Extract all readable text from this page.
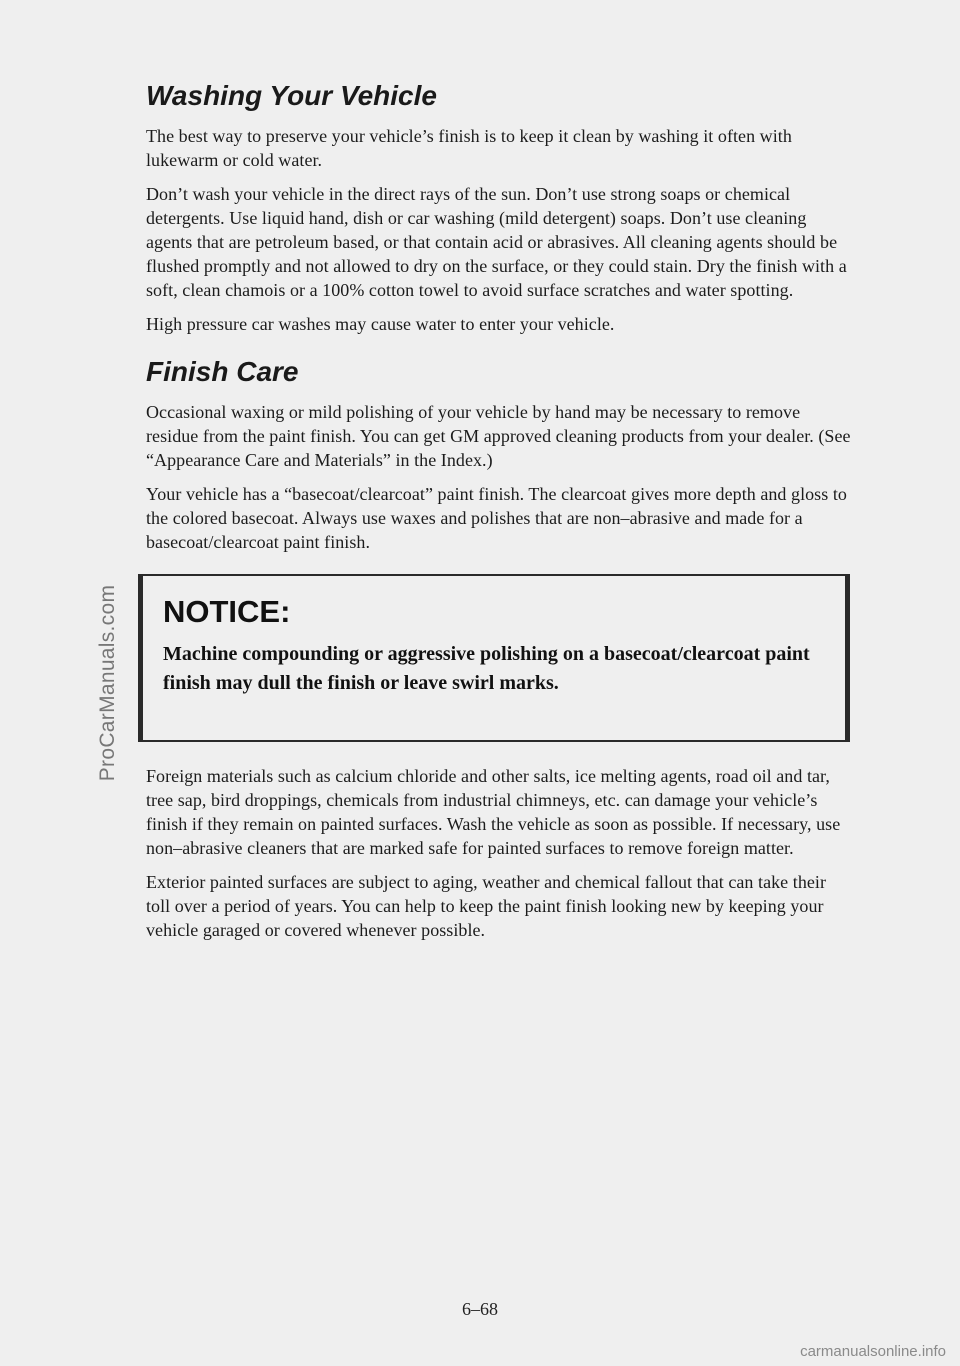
ProCarManuals.com
Washing Your Vehicle

The best way to preserve your vehicle’s finish is to keep it clean by washing it often with lukewarm or cold water.

Don’t wash your vehicle in the direct rays of the sun. Don’t use strong soaps or chemical detergents. Use liquid hand, dish or car washing (mild detergent) soaps. Don’t use cleaning agents that are petroleum based, or that contain acid or abrasives. All cleaning agents should be flushed promptly and not allowed to dry on the surface, or they could stain. Dry the finish with a soft, clean chamois or a 100% cotton towel to avoid surface scratches and water spotting.

High pressure car washes may cause water to enter your vehicle.

Finish Care

Occasional waxing or mild polishing of your vehicle by hand may be necessary to remove residue from the paint finish. You can get GM approved cleaning products from your dealer. (See “Appearance Care and Materials” in the Index.)

Your vehicle has a “basecoat/clearcoat” paint finish. The clearcoat gives more depth and gloss to the colored basecoat. Always use waxes and polishes that are non–abrasive and made for a basecoat/clearcoat paint finish.

NOTICE:
Machine compounding or aggressive polishing on a basecoat/clearcoat paint finish may dull the finish or leave swirl marks.

Foreign materials such as calcium chloride and other salts, ice melting agents, road oil and tar, tree sap, bird droppings, chemicals from industrial chimneys, etc. can damage your vehicle’s finish if they remain on painted surfaces. Wash the vehicle as soon as possible. If necessary, use non–abrasive cleaners that are marked safe for painted surfaces to remove foreign matter.

Exterior painted surfaces are subject to aging, weather and chemical fallout that can take their toll over a period of years. You can help to keep the paint finish looking new by keeping your vehicle garaged or covered whenever possible.

6–68
carmanualsonline.info
